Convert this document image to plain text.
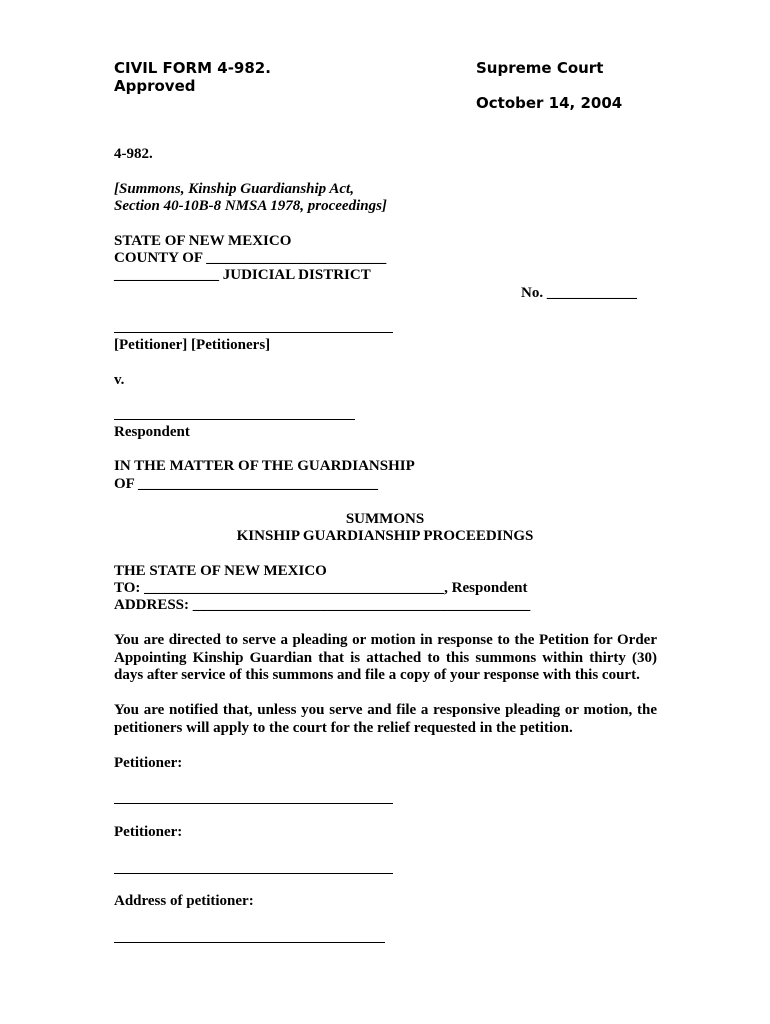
CIVIL FORM 4-982.
Approved
Supreme Court
October 14, 2004
4-982.
[Summons, Kinship Guardianship Act,
Section 40-10B-8 NMSA 1978, proceedings]
STATE OF NEW MEXICO
COUNTY OF ________________________
______________ JUDICIAL DISTRICT
No. ____________
[Petitioner] [Petitioners]
v.
Respondent
IN THE MATTER OF THE GUARDIANSHIP
OF ________________________________
SUMMONS
KINSHIP GUARDIANSHIP PROCEEDINGS
THE STATE OF NEW MEXICO
TO: ________________________________________, Respondent
ADDRESS: _____________________________________________
You are directed to serve a pleading or motion in response to the Petition for Order Appointing Kinship Guardian that is attached to this summons within thirty (30) days after service of this summons and file a copy of your response with this court.
You are notified that, unless you serve and file a responsive pleading or motion, the petitioners will apply to the court for the relief requested in the petition.
Petitioner:
Petitioner:
Address of petitioner:
